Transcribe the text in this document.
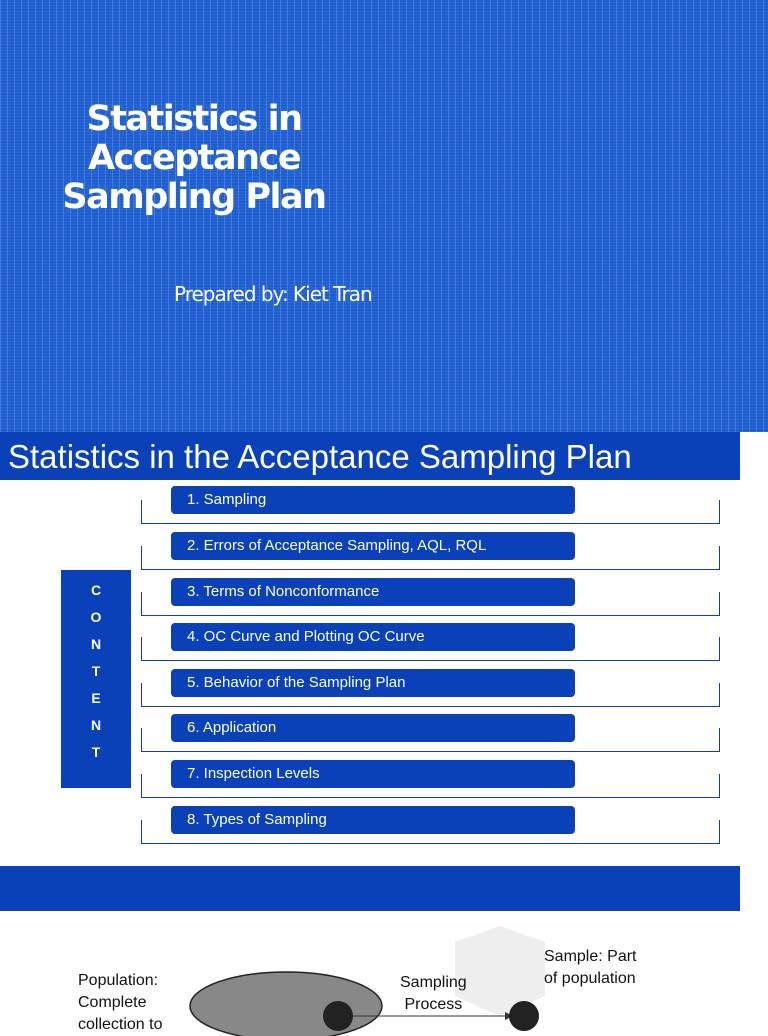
Statistics in
Acceptance
Sampling Plan
Prepared by: Kiet Tran
Statistics in the Acceptance Sampling Plan
C
O
N
T
E
N
T
1. Sampling
2. Errors of Acceptance Sampling, AQL, RQL
3. Terms of Nonconformance
4. OC Curve and Plotting OC Curve
5. Behavior of the Sampling Plan
6. Application
7. Inspection Levels
8. Types of Sampling
Population:
Complete
collection to
Sampling
Process
Sample: Part
of population
